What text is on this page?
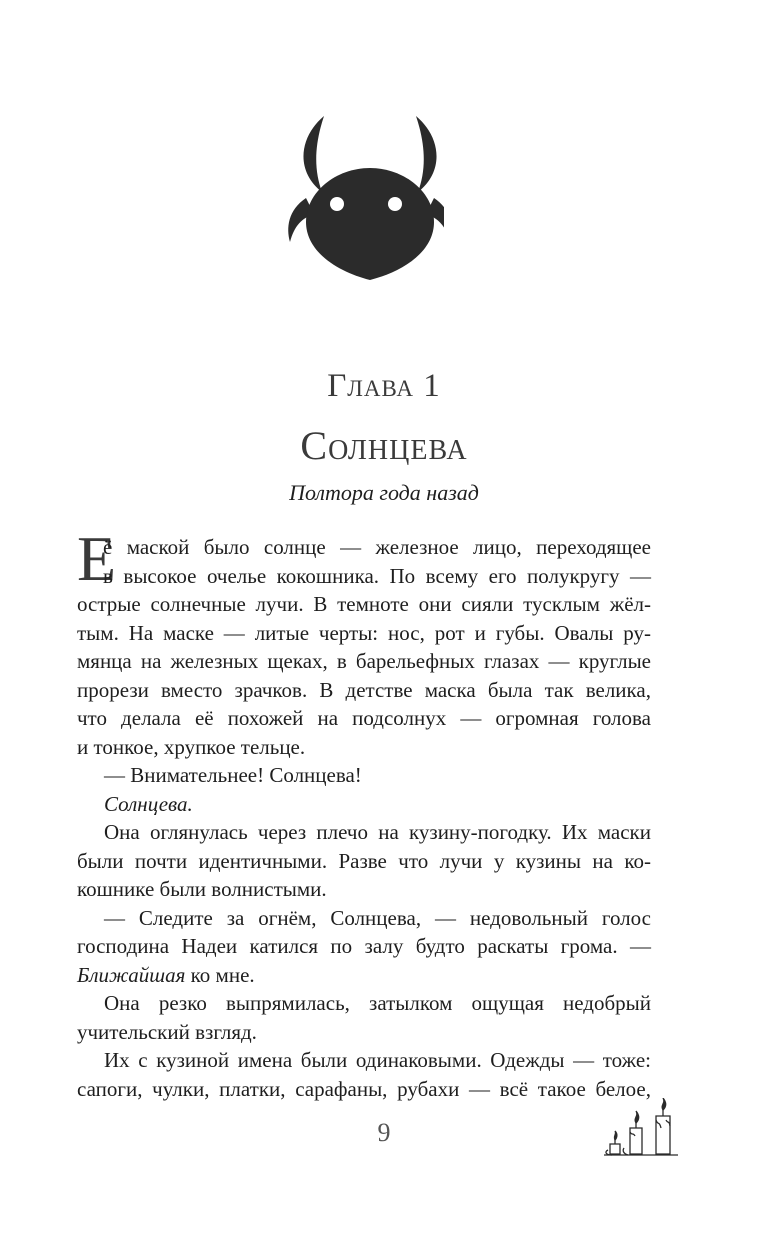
Глава 1
Солнцева
Полтора года назад
Е
ё маской было солнце — железное лицо, переходящее
в высокое очелье кокошника. По всему его полукругу —
острые солнечные лучи. В темноте они сияли тусклым жёл-
тым. На маске — литые черты: нос, рот и губы. Овалы ру-
мянца на железных щеках, в барельефных глазах — круглые
прорези вместо зрачков. В детстве маска была так велика,
что делала её похожей на подсолнух — огромная голова
и тонкое, хрупкое тельце.
— Внимательнее! Солнцева!
Солнцева.
Она оглянулась через плечо на кузину-погодку. Их маски
были почти идентичными. Разве что лучи у кузины на ко-
кошнике были волнистыми.
— Следите за огнём, Солнцева, — недовольный голос
господина Надеи катился по залу будто раскаты грома. —
Ближайшая ко мне.
Она резко выпрямилась, затылком ощущая недобрый
учительский взгляд.
Их с кузиной имена были одинаковыми. Одежды — тоже:
сапоги, чулки, платки, сарафаны, рубахи — всё такое белое,
9
